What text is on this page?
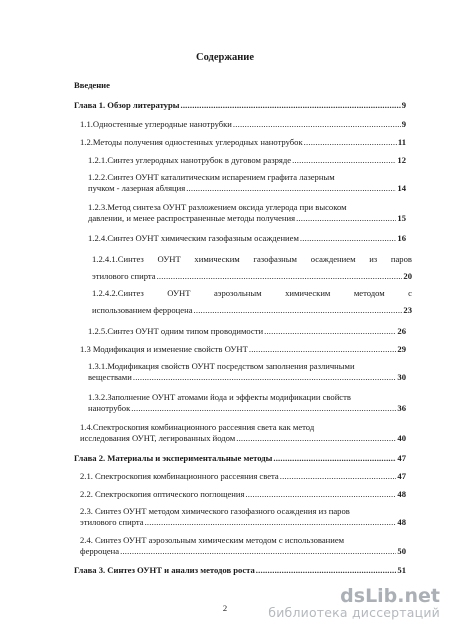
Содержание
Введение
Глава 1. Обзор литературы .....	9
1.1.Одностенные углеродные нанотрубки .....	9
1.2.Методы получения одностенных углеродных нанотрубок .....	11
1.2.1.Синтез углеродных нанотрубок в дуговом разряде .....	12
1.2.2.Синтез ОУНТ каталитическим испарением графита лазерным
пучком - лазерная абляция .....	14
1.2.3.Метод синтеза ОУНТ разложением оксида углерода при высоком
давлении, и менее распространенные методы получения .....	15
1.2.4.Синтез ОУНТ химическим газофазным осаждением .....	16
1.2.4.1.Синтез ОУНТ химическим газофазным осаждением из паров
этилового спирта .....	20
1.2.4.2.Синтез	ОУНТ	аэрозольным	химическим	методом	с
использованием ферроцена .....	23
1.2.5.Синтез ОУНТ одним типом проводимости .....	26
1.3 Модификация и изменение свойств ОУНТ .....	29
1.3.1.Модификация свойств ОУНТ посредством заполнения различными
веществами .....	30
1.3.2.Заполнение ОУНТ атомами йода и эффекты модификации свойств
нанотрубок .....	36
1.4.Спектроскопия комбинационного рассеяния света как метод
исследования ОУНТ, легированных йодом .....	40
Глава 2. Материалы и экспериментальные методы .....	47
2.1. Спектроскопия комбинационного рассеяния света .....	47
2.2. Спектроскопия оптического поглощения .....	48
2.3. Синтез ОУНТ методом химического газофазного осаждения из паров
этилового спирта .....	48
2.4. Синтез ОУНТ аэрозольным химическим методом с использованием
ферроцена .....	50
Глава 3. Синтез ОУНТ и анализ методов роста .....	51
2
dsLib.net
библиотека диссертаций
